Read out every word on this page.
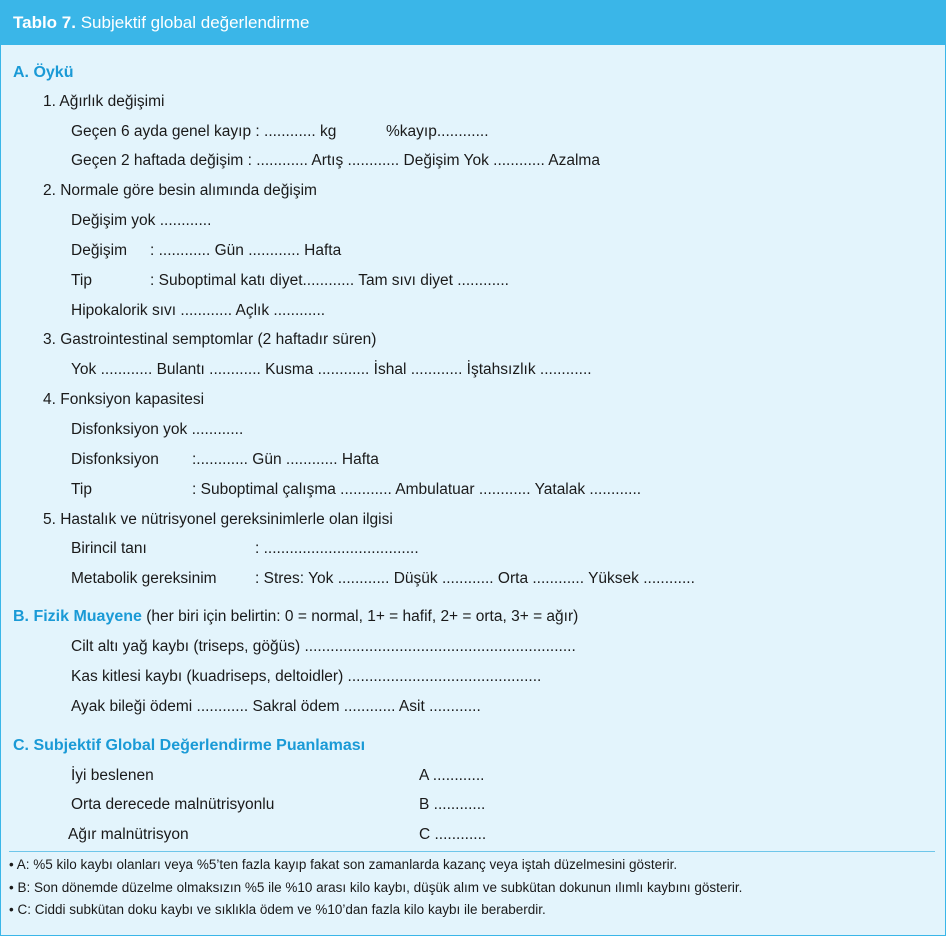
Tablo 7. Subjektif global değerlendirme
A. Öykü
1. Ağırlık değişimi
Geçen 6 ayda genel kayıp : ............ kg	%kayıp............
Geçen 2 haftada değişim : ............ Artış ............ Değişim Yok ............ Azalma
2. Normale göre besin alımında değişim
Değişim yok ............
Değişim : ............ Gün ............ Hafta
Tip	: Suboptimal katı diyet............ Tam sıvı diyet ............
Hipokalorik sıvı ............ Açlık ............
3. Gastrointestinal semptomlar (2 haftadır süren)
Yok ............ Bulantı ............ Kusma ............ İshal ............ İştahsızlık ............
4. Fonksiyon kapasitesi
Disfonksiyon yok ............
Disfonksiyon :............ Gün ............ Hafta
Tip	: Suboptimal çalışma ............ Ambulatuar ............ Yatalak ............
5. Hastalık ve nütrisyonel gereksinimlerle olan ilgisi
Birincil tanı	: ....................................
Metabolik gereksinim : Stres: Yok ............ Düşük ............ Orta ............ Yüksek ............
B. Fizik Muayene (her biri için belirtin: 0 = normal, 1+ = hafif, 2+ = orta, 3+ = ağır)
Cilt altı yağ kaybı (triseps, göğüs) ...............................................................
Kas kitlesi kaybı (kuadriseps, deltoidler) .............................................
Ayak bileği ödemi ............ Sakral ödem ............ Asit ............
C. Subjektif Global Değerlendirme Puanlaması
İyi beslenen	A ............
Orta derecede malnütrisyonlu	B ............
Ağır malnütrisyon	C ............
• A: %5 kilo kaybı olanları veya %5’ten fazla kayıp fakat son zamanlarda kazanç veya iştah düzelmesini gösterir.
• B: Son dönemde düzelme olmaksızın %5 ile %10 arası kilo kaybı, düşük alım ve subkütan dokunun ılımlı kaybını gösterir.
• C: Ciddi subkütan doku kaybı ve sıklıkla ödem ve %10’dan fazla kilo kaybı ile beraberdir.
